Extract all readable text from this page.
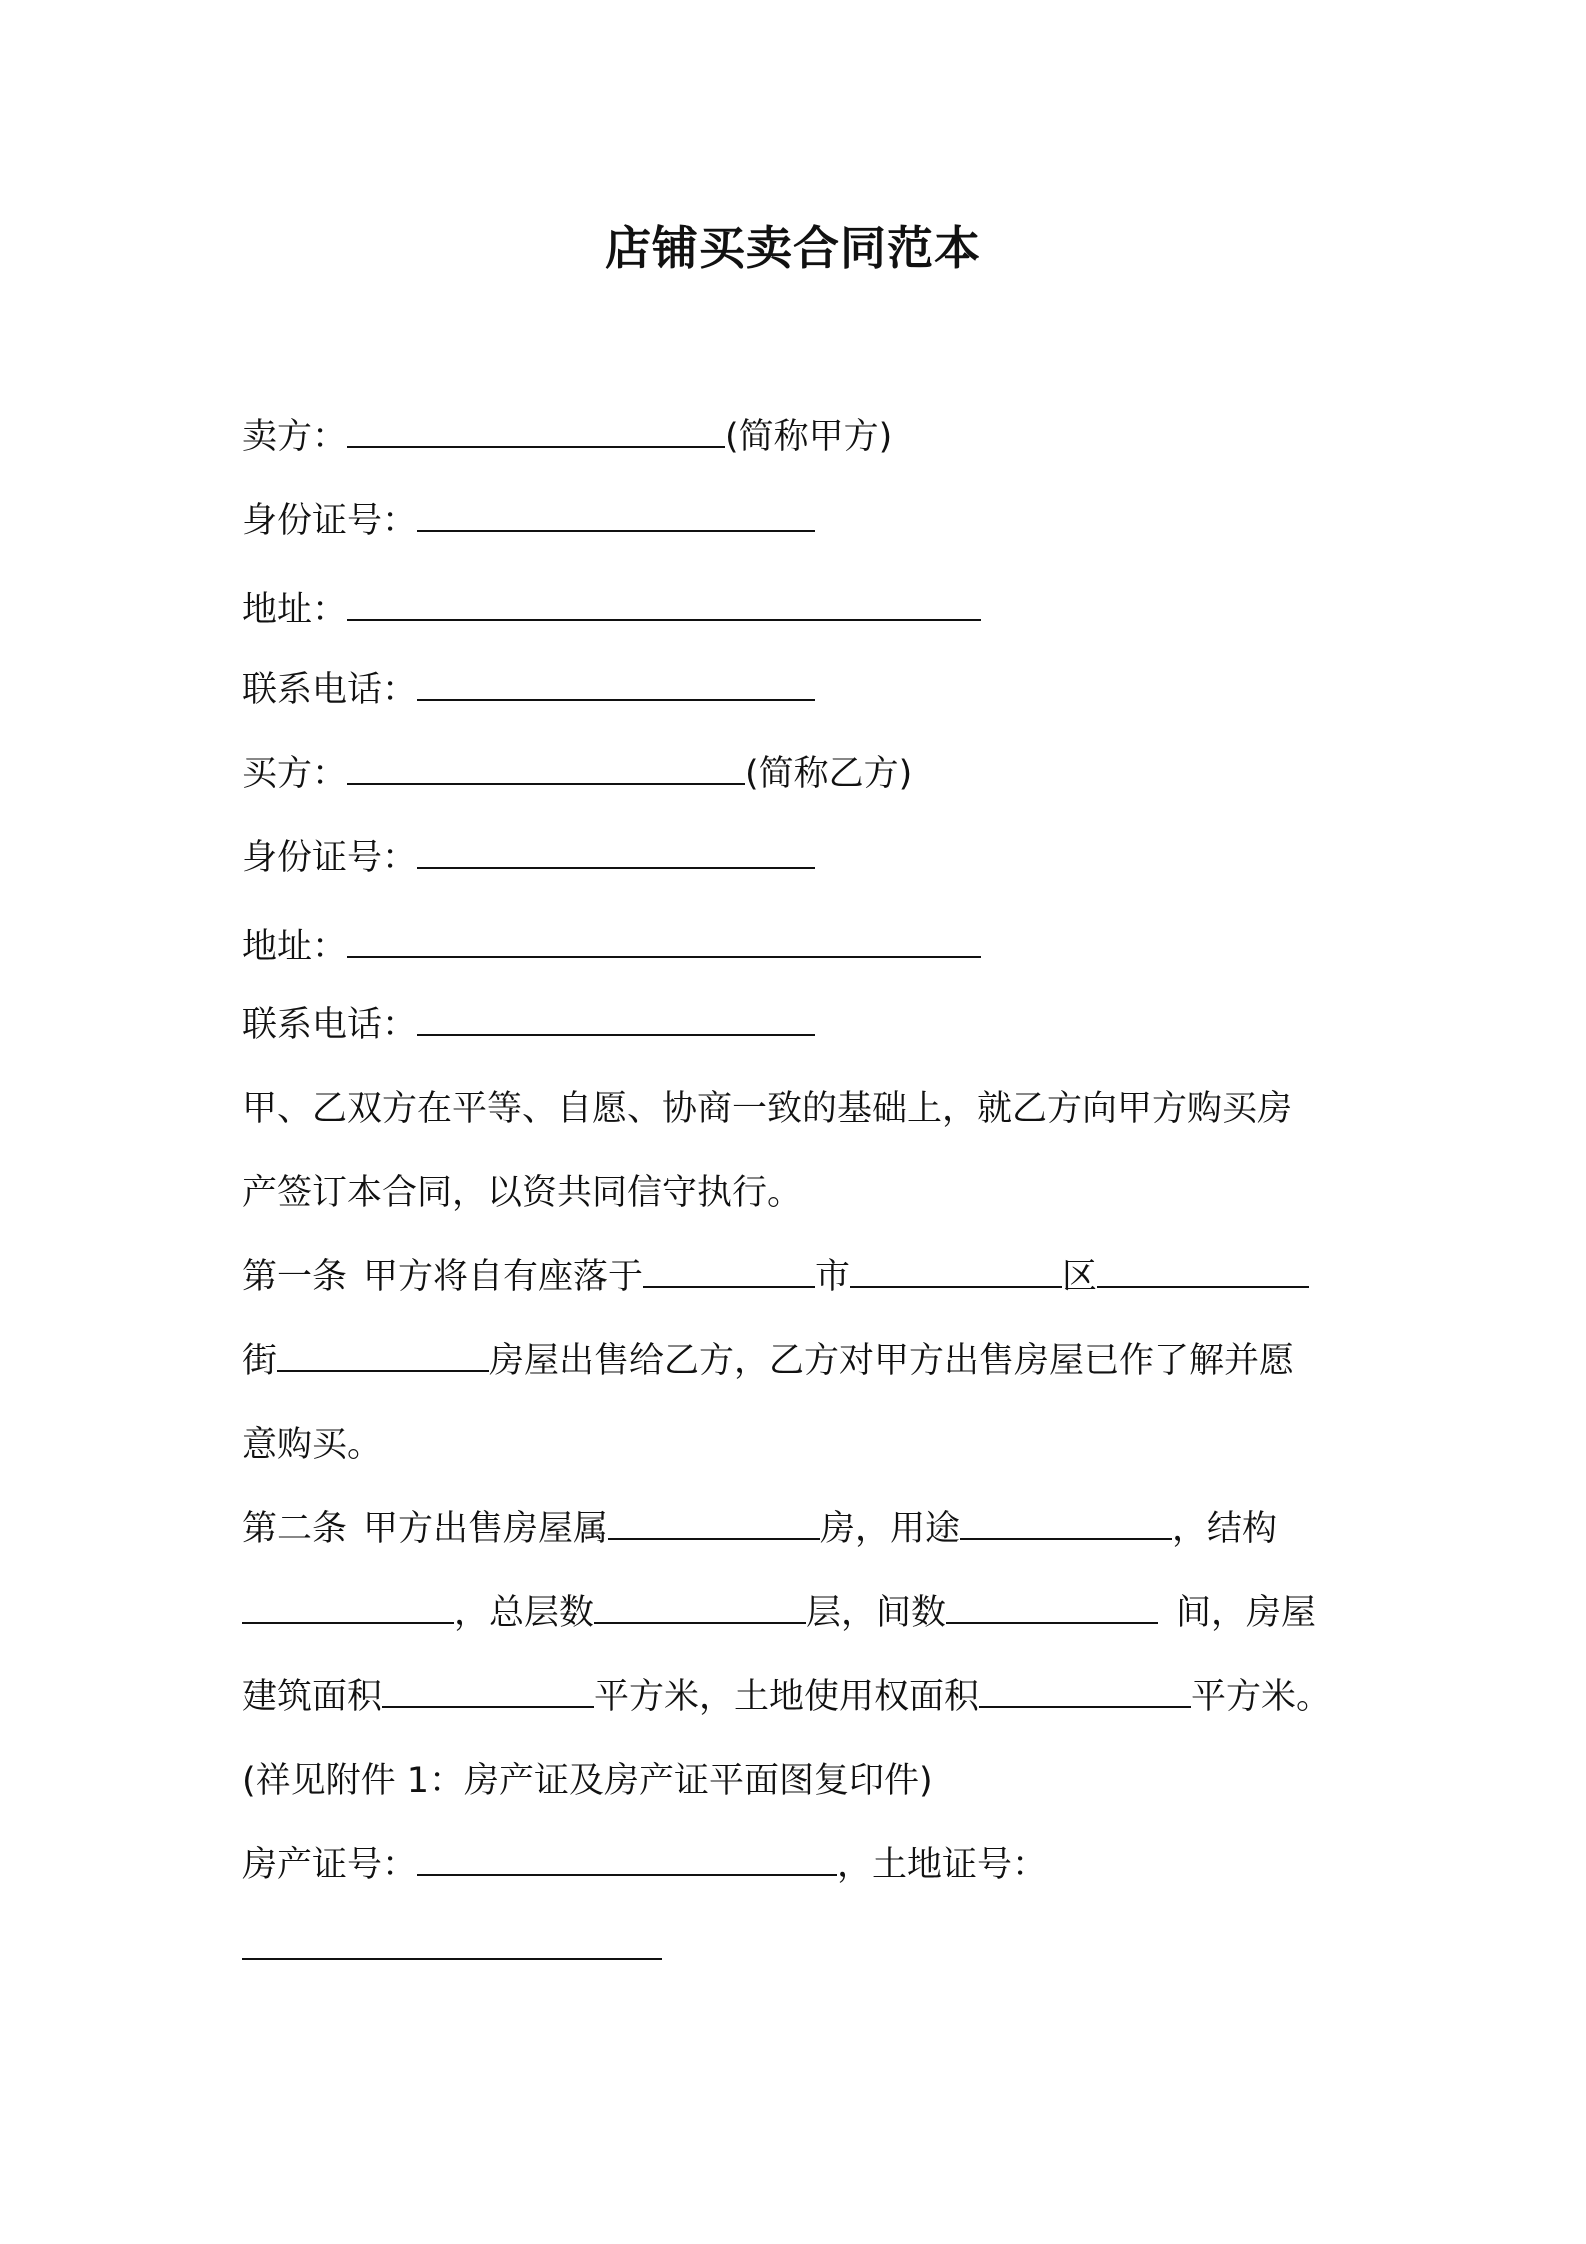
店铺买卖合同范本
卖方：	(简称甲方)
身份证号：
地址：
联系电话：
买方：	(简称乙方)
身份证号：
地址：
联系电话：
甲、乙双方在平等、自愿、协商一致的基础上，就乙方向甲方购买房
产签订本合同，以资共同信守执行。
第一条 甲方将自有座落于	市	区
街	房屋出售给乙方，乙方对甲方出售房屋已作了解并愿
意购买。
第二条 甲方出售房屋属	房，用途	，结构
，总层数	层，间数	间，房屋
建筑面积	平方米，土地使用权面积	平方米。
(祥见附件 1：房产证及房产证平面图复印件)
房产证号：	，土地证号：
